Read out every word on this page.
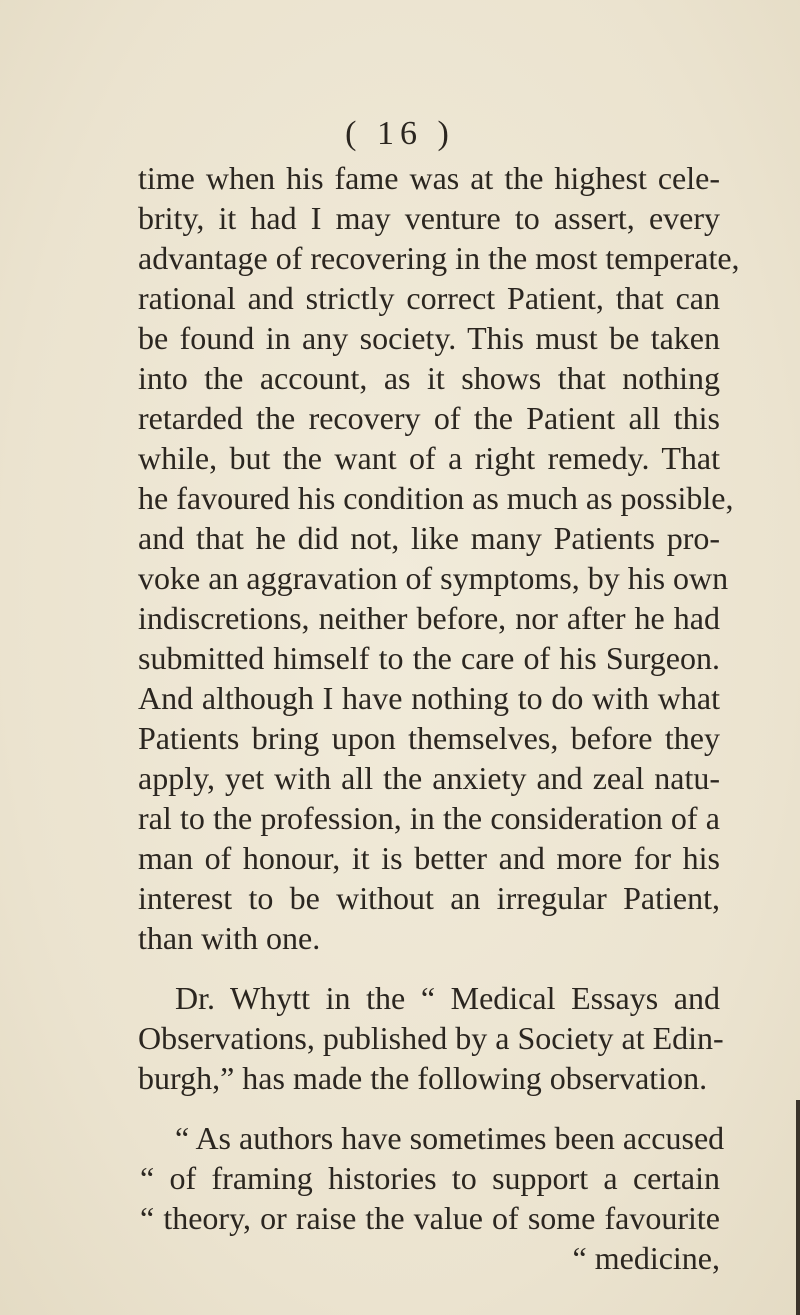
( 16 )
time when his fame was at the highest cele-
brity, it had I may venture to assert, every
advantage of recovering in the most temperate,
rational and strictly correct Patient, that can
be found in any society. This must be taken
into the account, as it shows that nothing
retarded the recovery of the Patient all this
while, but the want of a right remedy. That
he favoured his condition as much as possible,
and that he did not, like many Patients pro-
voke an aggravation of symptoms, by his own
indiscretions, neither before, nor after he had
submitted himself to the care of his Surgeon.
And although I have nothing to do with what
Patients bring upon themselves, before they
apply, yet with all the anxiety and zeal natu-
ral to the profession, in the consideration of a
man of honour, it is better and more for his
interest to be without an irregular Patient,
than with one.
Dr. Whytt in the “ Medical Essays and
Observations, published by a Society at Edin-
burgh,” has made the following observation.
“ As authors have sometimes been accused
“ of framing histories to support a certain
“ theory, or raise the value of some favourite
“ medicine,
